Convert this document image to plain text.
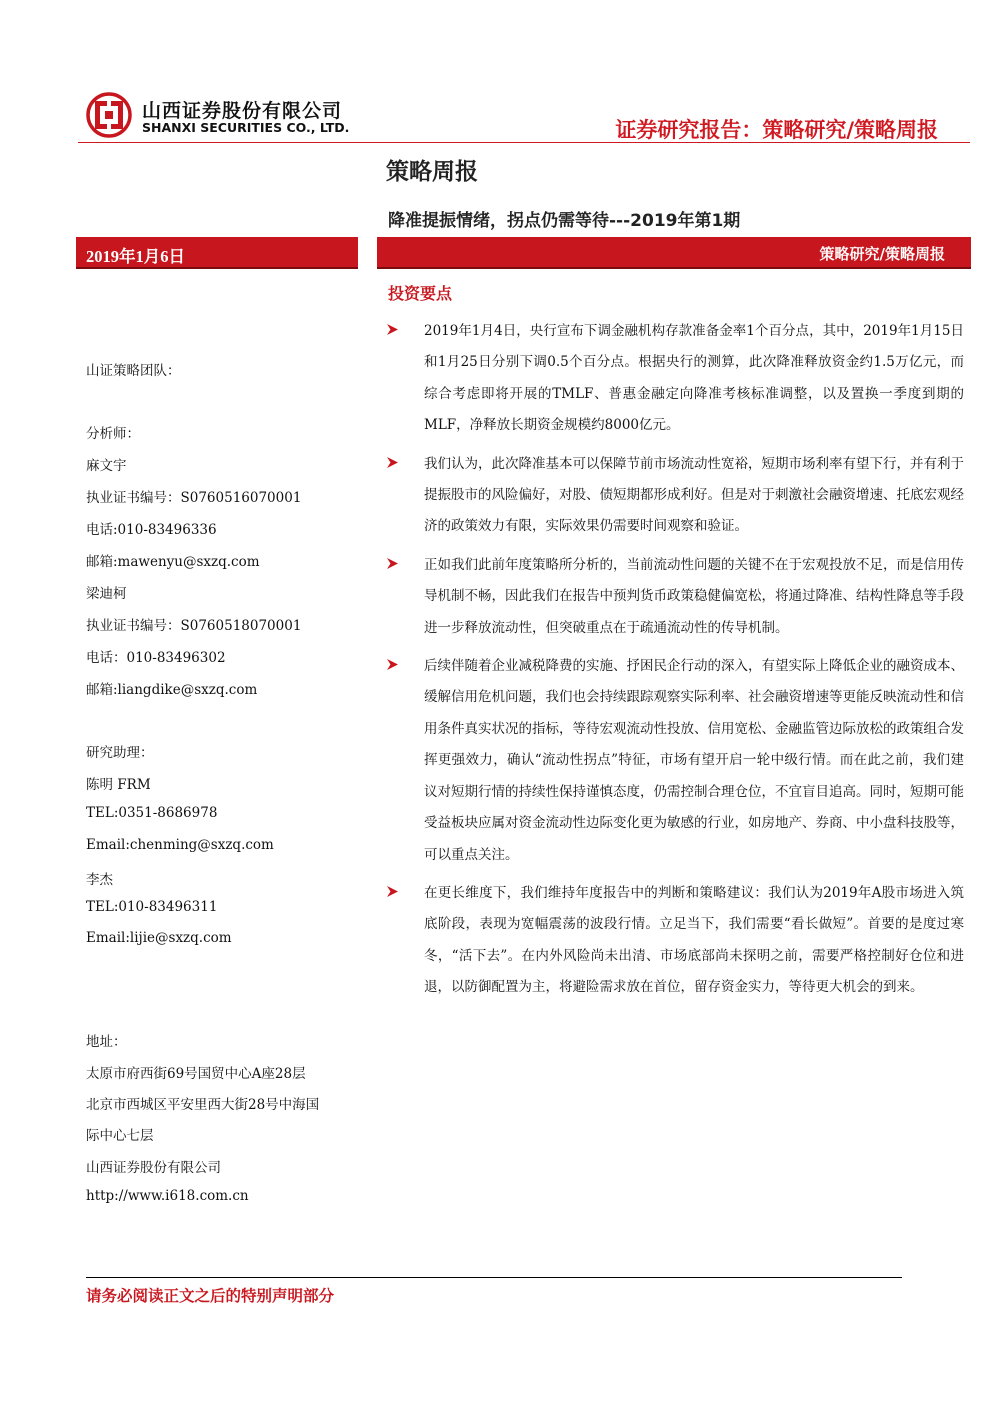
山西证券股份有限公司
SHANXI SECURITIES CO., LTD.	证券研究报告：策略研究/策略周报
策略周报
降准提振情绪，拐点仍需等待---2019年第1期
2019年1月6日	策略研究/策略周报
投资要点
山证策略团队：
分析师：
麻文宇
执业证书编号：S0760516070001
电话:010-83496336
邮箱:mawenyu@sxzq.com
梁迪柯
执业证书编号：S0760518070001
电话：010-83496302
邮箱:liangdike@sxzq.com
研究助理：
陈明 FRM
TEL:0351-8686978
Email:chenming@sxzq.com
李杰
TEL:010-83496311
Email:lijie@sxzq.com
地址：
太原市府西街69号国贸中心A座28层
北京市西城区平安里西大街28号中海国
际中心七层
山西证券股份有限公司
http://www.i618.com.cn
2019年1月4日，央行宣布下调金融机构存款准备金率1个百分点，其中，2019年1月15日和1月25日分别下调0.5个百分点。根据央行的测算，此次降准释放资金约1.5万亿元，而综合考虑即将开展的TMLF、普惠金融定向降准考核标准调整，以及置换一季度到期的MLF，净释放长期资金规模约8000亿元。
我们认为，此次降准基本可以保障节前市场流动性宽裕，短期市场利率有望下行，并有利于提振股市的风险偏好，对股、债短期都形成利好。但是对于刺激社会融资增速、托底宏观经济的政策效力有限，实际效果仍需要时间观察和验证。
正如我们此前年度策略所分析的，当前流动性问题的关键不在于宏观投放不足，而是信用传导机制不畅，因此我们在报告中预判货币政策稳健偏宽松，将通过降准、结构性降息等手段进一步释放流动性，但突破重点在于疏通流动性的传导机制。
后续伴随着企业减税降费的实施、抒困民企行动的深入，有望实际上降低企业的融资成本、缓解信用危机问题，我们也会持续跟踪观察实际利率、社会融资增速等更能反映流动性和信用条件真实状况的指标，等待宏观流动性投放、信用宽松、金融监管边际放松的政策组合发挥更强效力，确认“流动性拐点”特征，市场有望开启一轮中级行情。而在此之前，我们建议对短期行情的持续性保持谨慎态度，仍需控制合理仓位，不宜盲目追高。同时，短期可能受益板块应属对资金流动性边际变化更为敏感的行业，如房地产、券商、中小盘科技股等，可以重点关注。
在更长维度下，我们维持年度报告中的判断和策略建议：我们认为2019年A股市场进入筑底阶段，表现为宽幅震荡的波段行情。立足当下，我们需要“看长做短”。首要的是度过寒冬，“活下去”。在内外风险尚未出清、市场底部尚未探明之前，需要严格控制好仓位和进退，以防御配置为主，将避险需求放在首位，留存资金实力，等待更大机会的到来。
请务必阅读正文之后的特别声明部分
